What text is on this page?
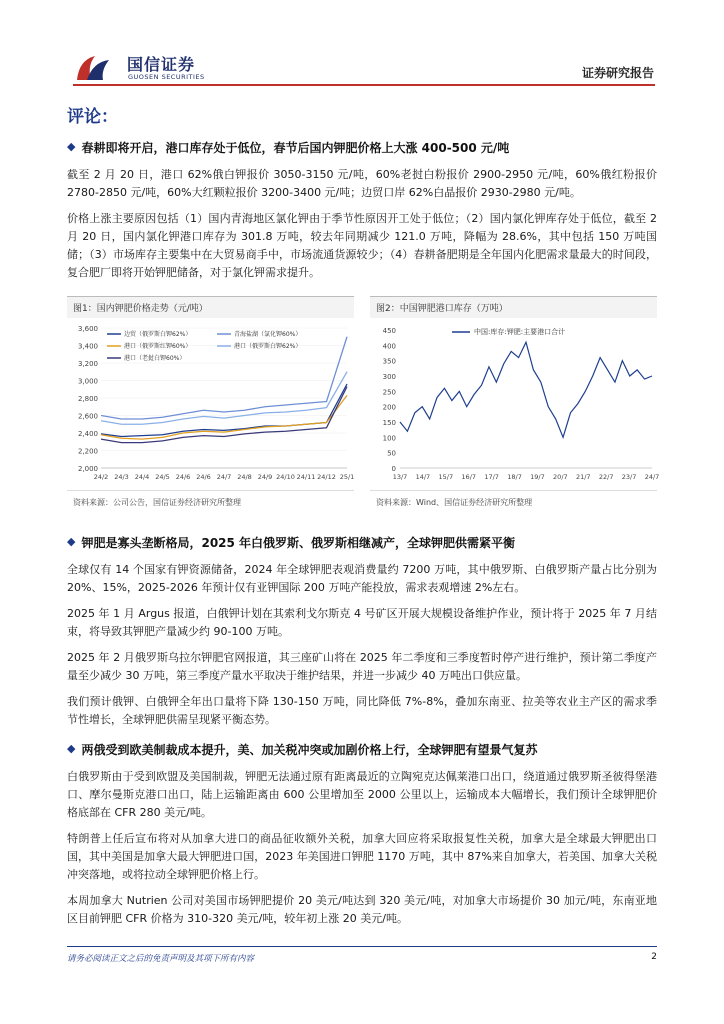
国信证券
GUOSEN SECURITIES	证券研究报告
评论：
◆ 春耕即将开启，港口库存处于低位，春节后国内钾肥价格上大涨 400-500 元/吨

截至 2 月 20 日，港口 62%俄白钾报价 3050-3150 元/吨，60%老挝白粉报价 2900-2950 元/吨，60%俄红粉报价 2780-2850 元/吨，60%大红颗粒报价 3200-3400 元/吨；边贸口岸 62%白晶报价 2930-2980 元/吨。

价格上涨主要原因包括（1）国内青海地区氯化钾由于季节性原因开工处于低位；（2）国内氯化钾库存处于低位，截至 2 月 20 日，国内氯化钾港口库存为 301.8 万吨，较去年同期减少 121.0 万吨，降幅为 28.6%，其中包括 150 万吨国储；（3）市场库存主要集中在大贸易商手中，市场流通货源较少；（4）春耕备肥期是全年国内化肥需求量最大的时间段，复合肥厂即将开始钾肥储备，对于氯化钾需求提升。

图1：国内钾肥价格走势（元/吨）
2,000
2,200
2,400
2,600
2,800
3,000
3,200
3,400
3,600
24/2 24/3 24/4 24/5 24/6 24/6 24/7 24/8 24/9 24/10 24/11 24/12 25/1
边贸（俄罗斯白钾62%）	青海盐湖（氯化钾60%）
港口（俄罗斯红钾60%）	港口（俄罗斯白钾62%）
港口（老挝白钾60%）
资料来源：公司公告，国信证券经济研究所整理
图2：中国钾肥港口库存（万吨）
0
50
100
150
200
250
300
350
400
450
13/7 14/7 15/7 16/7 17/7 18/7 19/7 20/7 21/7 22/7 23/7 24/7
中国:库存:钾肥:主要港口合计
资料来源：Wind、国信证券经济研究所整理
◆ 钾肥是寡头垄断格局，2025 年白俄罗斯、俄罗斯相继减产，全球钾肥供需紧平衡

全球仅有 14 个国家有钾资源储备，2024 年全球钾肥表观消费量约 7200 万吨，其中俄罗斯、白俄罗斯产量占比分别为 20%、15%，2025-2026 年预计仅有亚钾国际 200 万吨产能投放，需求表观增速 2%左右。

2025 年 1 月 Argus 报道，白俄钾计划在其索利戈尔斯克 4 号矿区开展大规模设备维护作业，预计将于 2025 年 7 月结束，将导致其钾肥产量减少约 90-100 万吨。

2025 年 2 月俄罗斯乌拉尔钾肥官网报道，其三座矿山将在 2025 年二季度和三季度暂时停产进行维护，预计第二季度产量至少减少 30 万吨，第三季度产量水平取决于维护结果，并进一步减少 40 万吨出口供应量。

我们预计俄钾、白俄钾全年出口量将下降 130-150 万吨，同比降低 7%-8%，叠加东南亚、拉美等农业主产区的需求季节性增长，全球钾肥供需呈现紧平衡态势。

◆ 两俄受到欧美制裁成本提升，美、加关税冲突或加剧价格上行，全球钾肥有望景气复苏

白俄罗斯由于受到欧盟及美国制裁，钾肥无法通过原有距离最近的立陶宛克达佩莱港口出口，绕道通过俄罗斯圣彼得堡港口、摩尔曼斯克港口出口，陆上运输距离由 600 公里增加至 2000 公里以上，运输成本大幅增长，我们预计全球钾肥价格底部在 CFR 280 美元/吨。

特朗普上任后宣布将对从加拿大进口的商品征收额外关税，加拿大回应将采取报复性关税，加拿大是全球最大钾肥出口国，其中美国是加拿大最大钾肥进口国，2023 年美国进口钾肥 1170 万吨，其中 87%来自加拿大，若美国、加拿大关税冲突落地，或将拉动全球钾肥价格上行。

本周加拿大 Nutrien 公司对美国市场钾肥提价 20 美元/吨达到 320 美元/吨，对加拿大市场提价 30 加元/吨，东南亚地区目前钾肥 CFR 价格为 310-320 美元/吨，较年初上涨 20 美元/吨。

请务必阅读正文之后的免责声明及其项下所有内容	2
